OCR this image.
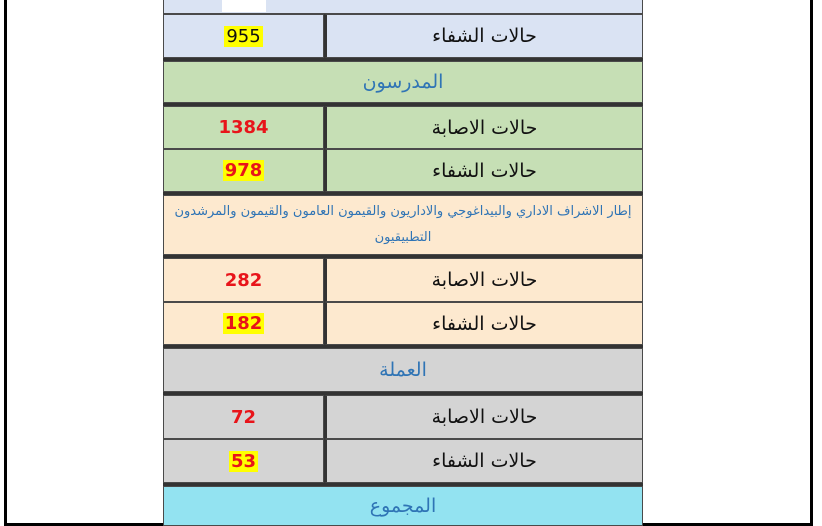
955	حالات الشفاء
المدرسون
1384	حالات الاصابة
978	حالات الشفاء
إطار الاشراف الاداري والبيداغوجي والاداريون والقيمون العامون والقيمون والمرشدون التطبيقيون
282	حالات الاصابة
182	حالات الشفاء
العملة
72	حالات الاصابة
53	حالات الشفاء
المجموع
